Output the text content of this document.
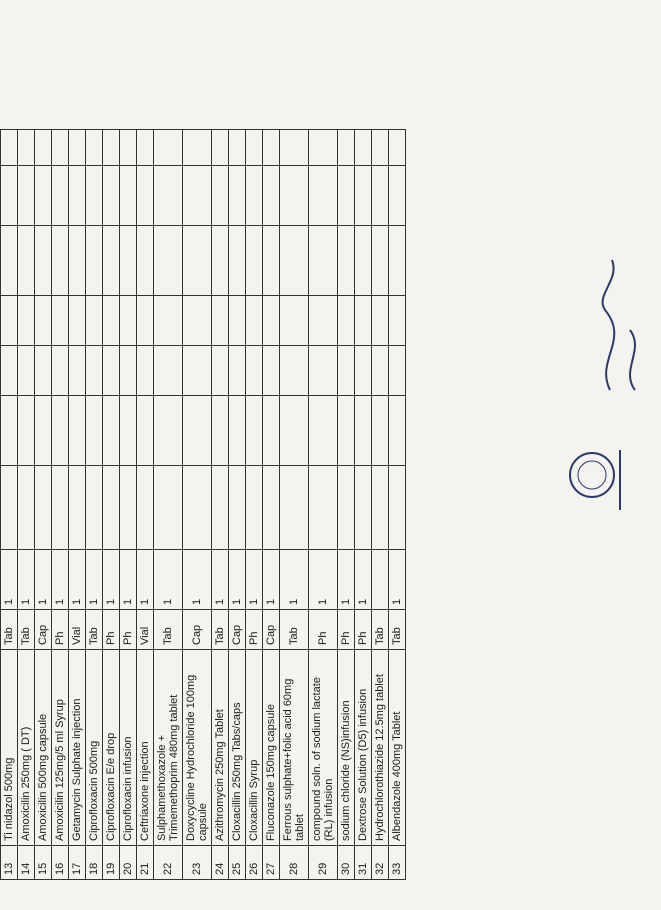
13	Ti nidazol 500mg	Tab	1							
14	Amoxicilin 250mg ( DT)	Tab	1							
15	Amoxicilin 500mg capsule	Cap	1							
16	Amoxicilin 125mg/5 ml Syrup	Ph	1							
17	Getamycin Sulphate injection	Vial	1							
18	Ciprofloxacin 500mg	Tab	1							
19	Ciprofloxacin E/e drop	Ph	1							
20	Ciprofloxacin infusion	Ph	1							
21	Ceftriaxone injection	Vial	1							
22	Sulphamethoxazole + Trimemethoprim 480mg tablet	Tab	1							
23	Doxycycline Hydrochloride 100mg capsule	Cap	1							
24	Azithromycin 250mg Tablet	Tab	1							
25	Cloxacillin 250mg Tabs/caps	Cap	1							
26	Cloxacillin Syrup	Ph	1							
27	Fluconazole 150mg capsule	Cap	1							
28	Ferrous sulphate+folic acid 60mg tablet	Tab	1							
29	compound soln. of sodium lactate (RL) infusion	Ph	1							
30	sodium chloride (NS)infusion	Ph	1							
31	Dextrose Solution (D5) infusion	Ph	1							
32	Hydrochlorothiazide 12.5mg tablet	Tab								
33	Albendazole 400mg Tablet	Tab	1							
